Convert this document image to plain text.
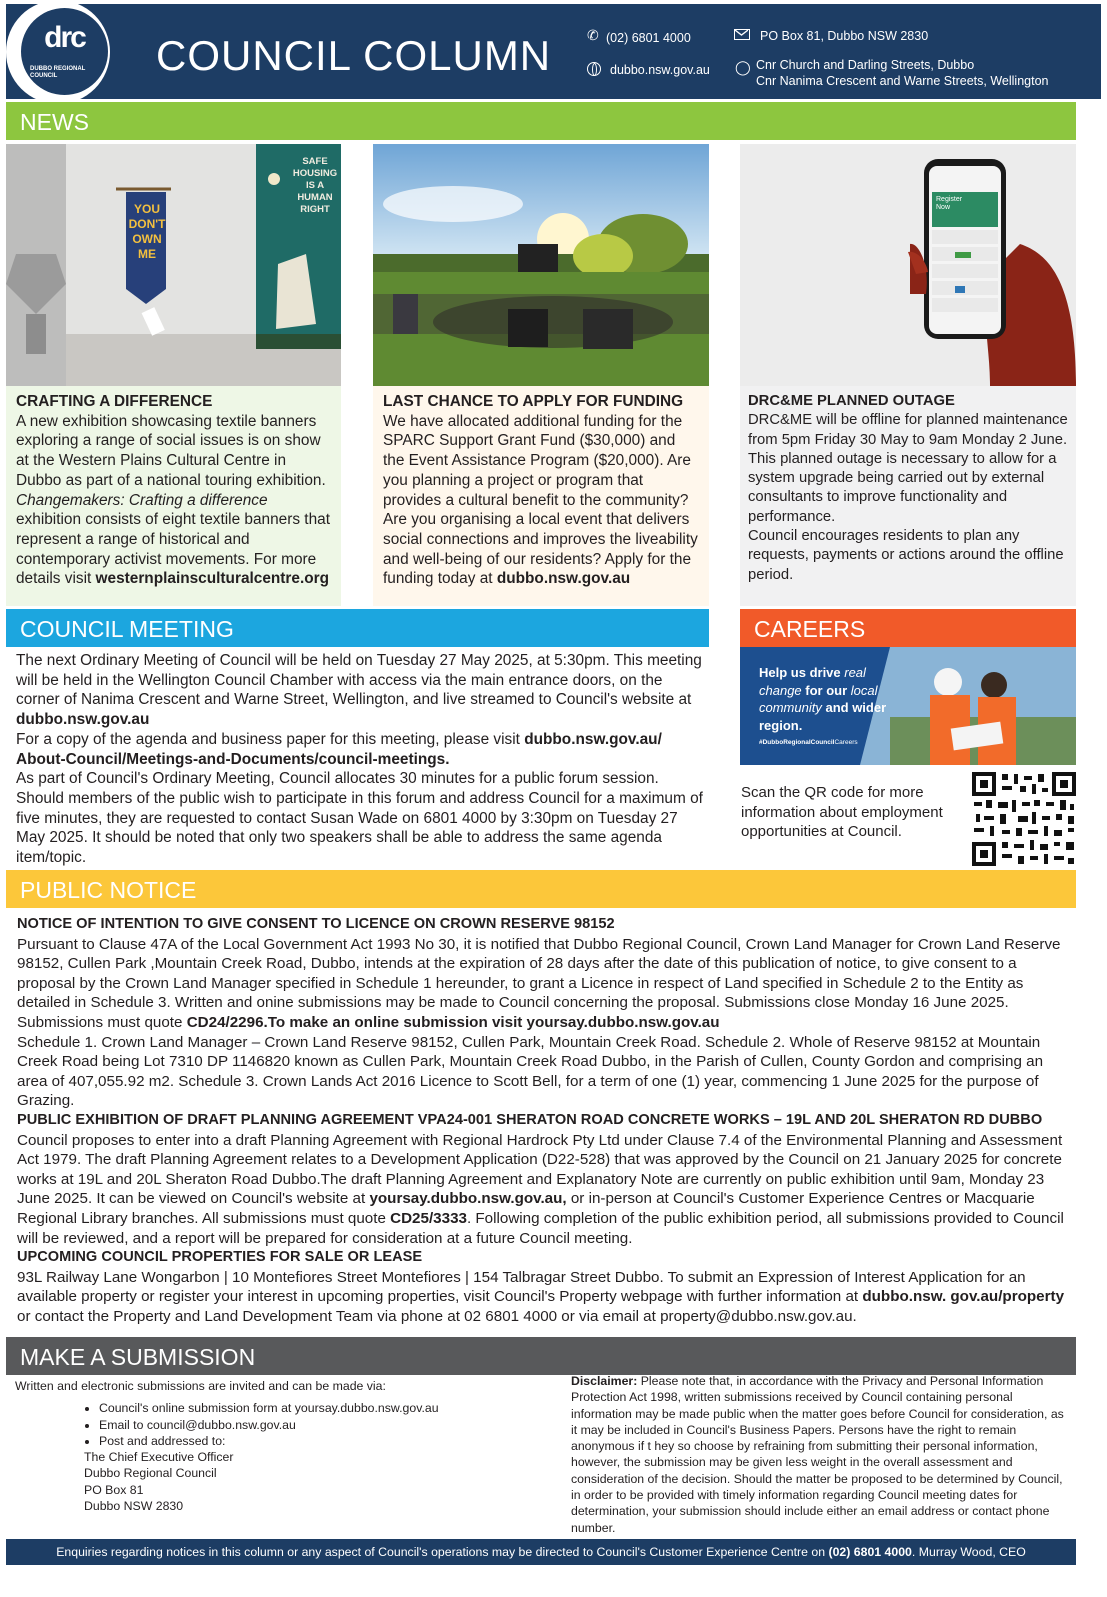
drc
DUBBO REGIONAL COUNCIL	COUNCIL COLUMN	✆ (02) 6801 4000	PO Box 81, Dubbo NSW 2830
dubbo.nsw.gov.au ◯ Cnr Church and Darling Streets, Dubbo
Cnr Nanima Crescent and Warne Streets, Wellington
NEWS
YOU DON'T OWN ME
SAFE HOUSING IS A HUMAN RIGHT
Register Now
CRAFTING A DIFFERENCE
A new exhibition showcasing textile banners exploring a range of social issues is on show at the Western Plains Cultural Centre in Dubbo as part of a national touring exhibition. Changemakers: Crafting a difference exhibition consists of eight textile banners that represent a range of historical and contemporary activist movements. For more details visit westernplainsculturalcentre.org
LAST CHANCE TO APPLY FOR FUNDING
We have allocated additional funding for the SPARC Support Grant Fund ($30,000) and the Event Assistance Program ($20,000). Are you planning a project or program that provides a cultural benefit to the community? Are you organising a local event that delivers social connections and improves the liveability and well-being of our residents? Apply for the funding today at dubbo.nsw.gov.au
DRC&ME PLANNED OUTAGE
DRC&ME will be offline for planned maintenance from 5pm Friday 30 May to 9am Monday 2 June.
This planned outage is necessary to allow for a system upgrade being carried out by external consultants to improve functionality and performance.
Council encourages residents to plan any requests, payments or actions around the offline period.
COUNCIL MEETING
The next Ordinary Meeting of Council will be held on Tuesday 27 May 2025, at 5:30pm. This meeting will be held in the Wellington Council Chamber with access via the main entrance doors, on the corner of Nanima Crescent and Warne Street, Wellington, and live streamed to Council's website at dubbo.nsw.gov.au
For a copy of the agenda and business paper for this meeting, please visit dubbo.nsw.gov.au/ About-Council/Meetings-and-Documents/council-meetings.
As part of Council's Ordinary Meeting, Council allocates 30 minutes for a public forum session. Should members of the public wish to participate in this forum and address Council for a maximum of five minutes, they are requested to contact Susan Wade on 6801 4000 by 3:30pm on Tuesday 27 May 2025. It should be noted that only two speakers shall be able to address the same agenda item/topic.
CAREERS
Help us drive real change for our local community and wider region.
#DubboRegionalCouncilCareers
Scan the QR code for more information about employment opportunities at Council.
PUBLIC NOTICE
NOTICE OF INTENTION TO GIVE CONSENT TO LICENCE ON CROWN RESERVE 98152
Pursuant to Clause 47A of the Local Government Act 1993 No 30, it is notified that Dubbo Regional Council, Crown Land Manager for Crown Land Reserve 98152, Cullen Park ,Mountain Creek Road, Dubbo, intends at the expiration of 28 days after the date of this publication of notice, to give consent to a proposal by the Crown Land Manager specified in Schedule 1 hereunder, to grant a Licence in respect of Land specified in Schedule 2 to the Entity as detailed in Schedule 3. Written and onine submissions may be made to Council concerning the proposal. Submissions close Monday 16 June 2025. Submissions must quote CD24/2296.To make an online submission visit yoursay.dubbo.nsw.gov.au
Schedule 1. Crown Land Manager – Crown Land Reserve 98152, Cullen Park, Mountain Creek Road. Schedule 2. Whole of Reserve 98152 at Mountain Creek Road being Lot 7310 DP 1146820 known as Cullen Park, Mountain Creek Road Dubbo, in the Parish of Cullen, County Gordon and comprising an area of 407,055.92 m2. Schedule 3. Crown Lands Act 2016 Licence to Scott Bell, for a term of one (1) year, commencing 1 June 2025 for the purpose of Grazing.
PUBLIC EXHIBITION OF DRAFT PLANNING AGREEMENT VPA24-001 SHERATON ROAD CONCRETE WORKS – 19L AND 20L SHERATON RD DUBBO
Council proposes to enter into a draft Planning Agreement with Regional Hardrock Pty Ltd under Clause 7.4 of the Environmental Planning and Assessment Act 1979. The draft Planning Agreement relates to a Development Application (D22-528) that was approved by the Council on 21 January 2025 for concrete works at 19L and 20L Sheraton Road Dubbo.The draft Planning Agreement and Explanatory Note are currently on public exhibition until 9am, Monday 23 June 2025. It can be viewed on Council's website at yoursay.dubbo.nsw.gov.au, or in-person at Council's Customer Experience Centres or Macquarie Regional Library branches. All submissions must quote CD25/3333. Following completion of the public exhibition period, all submissions provided to Council will be reviewed, and a report will be prepared for consideration at a future Council meeting.
UPCOMING COUNCIL PROPERTIES FOR SALE OR LEASE
93L Railway Lane Wongarbon | 10 Montefiores Street Montefiores | 154 Talbragar Street Dubbo. To submit an Expression of Interest Application for an available property or register your interest in upcoming properties, visit Council's Property webpage with further information at dubbo.nsw. gov.au/property or contact the Property and Land Development Team via phone at 02 6801 4000 or via email at property@dubbo.nsw.gov.au.
MAKE A SUBMISSION
Written and electronic submissions are invited and can be made via:
• Council's online submission form at yoursay.dubbo.nsw.gov.au
• Email to council@dubbo.nsw.gov.au
• Post and addressed to:
The Chief Executive Officer
Dubbo Regional Council
PO Box 81
Dubbo NSW 2830
Disclaimer: Please note that, in accordance with the Privacy and Personal Information Protection Act 1998, written submissions received by Council containing personal information may be made public when the matter goes before Council for consideration, as it may be included in Council's Business Papers. Persons have the right to remain anonymous if t hey so choose by refraining from submitting their personal information, however, the submission may be given less weight in the overall assessment and consideration of the decision. Should the matter be proposed to be determined by Council, in order to be provided with timely information regarding Council meeting dates for determination, your submission should include either an email address or contact phone number.
Enquiries regarding notices in this column or any aspect of Council's operations may be directed to Council's Customer Experience Centre on (02) 6801 4000. Murray Wood, CEO
